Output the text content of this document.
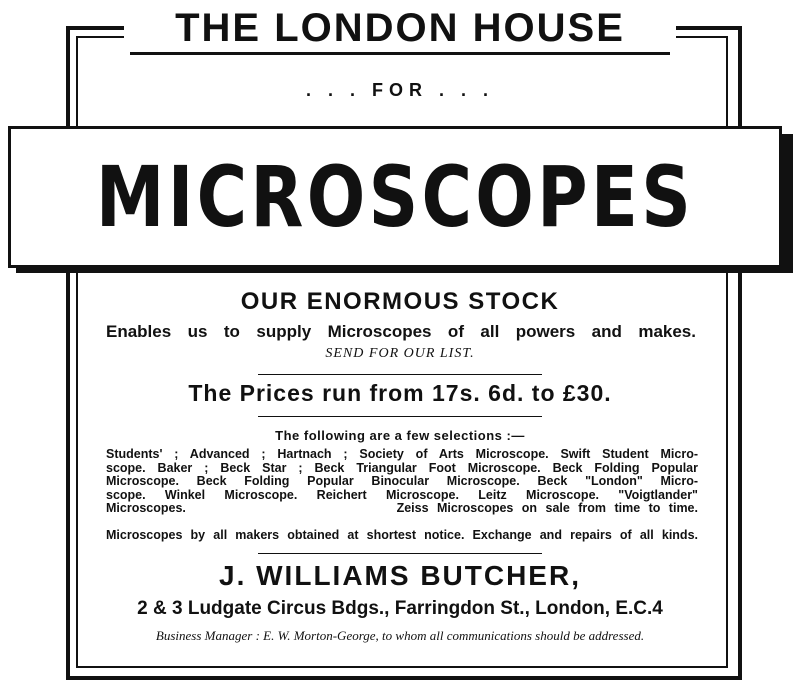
THE LONDON HOUSE
. . . FOR . . .
MICROSCOPES
OUR ENORMOUS STOCK
Enables us to supply Microscopes of all powers and makes.
SEND FOR OUR LIST.
The Prices run from 17s. 6d. to £30.
The following are a few selections :—
Students' ; Advanced ; Hartnach ; Society of Arts Microscope. Swift Student Micro-
scope. Baker ; Beck Star ; Beck Triangular Foot Microscope. Beck Folding Popular
Microscope. Beck Folding Popular Binocular Microscope. Beck "London" Micro-
scope. Winkel Microscope. Reichert Microscope. Leitz Microscope. "Voigtlander"
Microscopes.                         Zeiss Microscopes on sale from time to time.
Microscopes by all makers obtained at shortest notice. Exchange and repairs of all kinds.
J. WILLIAMS BUTCHER,
2 & 3 Ludgate Circus Bdgs., Farringdon St., London, E.C.4
Business Manager : E. W. Morton-George, to whom all communications should be addressed.
